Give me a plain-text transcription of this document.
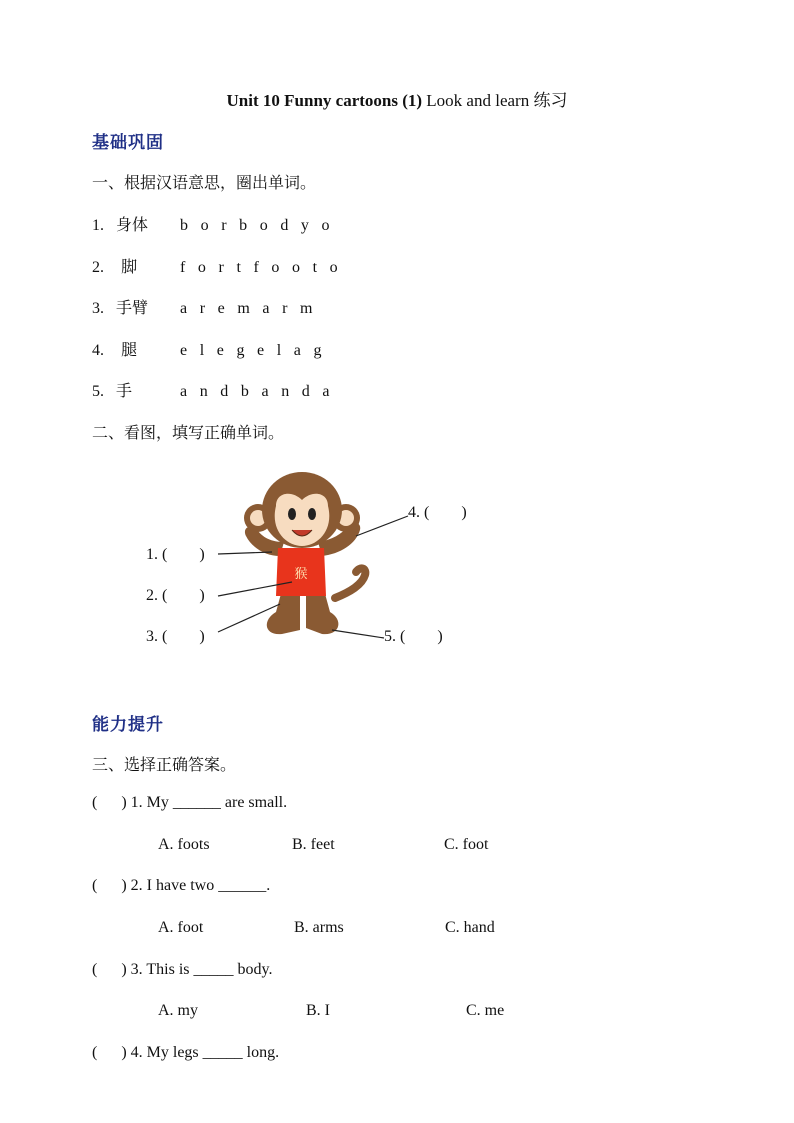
Unit 10 Funny cartoons (1) Look and learn 练习
基础巩固
一、根据汉语意思，圈出单词。
1. 身体 borbodyo
2. 脚	fortfooto
3. 手臂 aremarm
4. 腿	elegelag
5. 手	andbanda
二、看图，填写正确单词。
猴
1. (        )
2. (        )
3. (        )
4. (        )
5. (        )
能力提升
三、选择正确答案。
(      ) 1. My ______ are small.
A. foots	B. feet	C. foot
(      ) 2. I have two ______.
A. foot	B. arms	C. hand
(      ) 3. This is _____ body.
A. my	B. I	C. me
(      ) 4. My legs _____ long.
